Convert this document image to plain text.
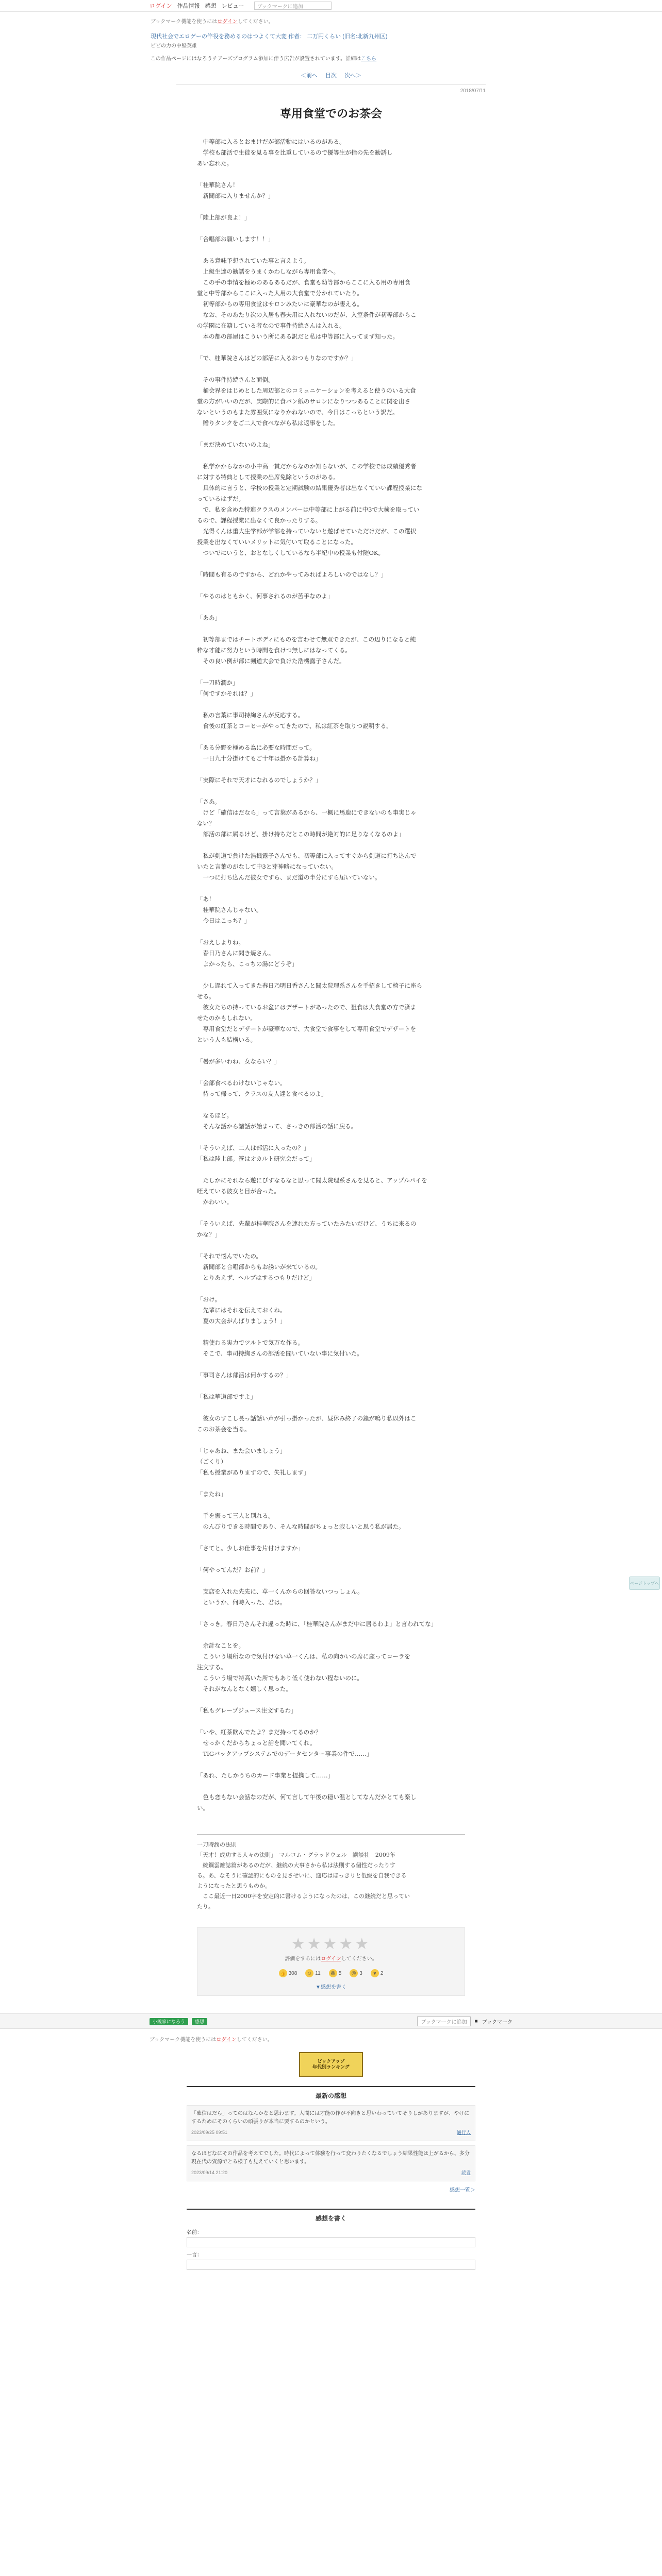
ログイン 作品情報 感想 レビュー	ブックマークに追加
ブックマーク機能を使うにはログインしてください。
現代社会でエロゲーの竿役を務めるのはつよくて大変 作者： 二万円くらい (旧名:北新九州区)
ビビの力の中堅英雄
この作品ページにはなろうチアーズプログラム参加に伴う広告が設置されています。詳細はこちら
＜前へ 目次 次へ＞
2018/07/11
専用食堂でのお茶会
　中等部に入るとおまけだが部活動にはいるのがある。
　学校も部活で生徒を見る事を比重しているので優等生が指の先を勧誘し
あい忘れた。
「桂華院さん！
　新聞部に入りませんか？」
「陸上部が良よ！」
「合唱部お願いします！！」
　ある意味予想されていた事と言えよう。
　上級生達の勧誘をうまくかわしながら専用食堂へ。
　この手の事情を極めのあるあるだが、食堂も幼等部からここに入る用の専用食
堂と中等部からここに入った人用の大食堂で分かれていたり。
　初等部からの専用食堂はサロンみたいに豪華なのが凄える。
　なお、そのあたり次の入居も春夫用に入れないのだが、入室条件が初等部からこ
の学園に在籍している者なので事件持続さんは入れる。
　本の都の部屋はこういう所にある訳だと私は中等部に入ってまず知った。
「で、桂華院さんはどの部活に入るおつもりなのですか？」
　その事件持続さんと面倒。
　桶会界をはじめとした周辺部とのコミュニケーションを考えると使うのいる大食
堂の方がいいのだが、実際的に食パン紙のサロンになりつつあることに関を出さ
ないというのもまた雰囲気になりかねないので、今日はこっちという訳だ。
　贈りタンクをご二人で食べながら私は返事をした。
「まだ決めていないのよね」
　私学かからなかの小中高一貫だからなのか知らないが、この学校では成績優秀者
に対する特典として授業の出席免除というのがある。
　具体的に言うと、学校の授業と定期試験の結果優秀者は出なくていい課程授業にな
っているはずだ。
　で、私を含めた特進クラスのメンバーは中等部に上がる前に中3で大検を取ってい
るので、課程授業に出なくて良かったりする。
　光得くんは重大生学部が学部を持っていないと遊ばせていただけだが、この選択
授業を出なくていいメリットに気付いて取ることになった。
　ついでにいうと、おとなしくしているなら半紀中の授業も付随OK。
「時間も有るのですから、どれかやってみればよろしいのではなし？」
「やるのはともかく、何事されるのが苦手なのよ」
「ああ」
　初等部まではチートボディにものを言わせて無双できたが、この辺りになると純
粋な才能に努力という時間を食けつ無しにはなってくる。
　その良い例が部に剣道大会で負けた浩機露子さんだ。
「一刀時潤か」
「何ですかそれは？」
　私の言葉に事司持絢さんが反応する。
　食後の紅茶とコーヒーがやってきたので、私は紅茶を取りつ説明する。
「ある分野を極める為に必要な時間だって。
　一日九十分掛けてもご十年は掛かる計算ね」
「実際にそれで天才になれるのでしょうか？」
「さあ。
　けど「確信はだなら」って言葉があるから、一概に馬鹿にできないのも事実じゃ
ない？
　部活の部に属るけど、掛け持ちだとこの時間が絶対的に足りなくなるのよ」
　私が剣道で負けた浩機露子さんでも、初等部に入ってすぐから剣道に打ち込んで
いたと言葉のがなして中3と芽神略になっていない。
　一つに打ち込んだ彼女ですら、まだ道の半分にすら届いていない。
「あ！
　桂華院さんじゃない。
　今日はこっち？」
「おえしよりね。
　春日乃さんに聞き焼さん。
　よかったら、こっちの湯にどうぞ」
　少し遅れて入ってきた春日乃明日香さんと聞太院理系さんを手招きして椅子に座ら
せる。
　彼女たちの持っているお盆にはデザートがあったので、狙食は大食堂の方で済ま
せたのかもしれない。
　専用食堂だとデザートが豪華なので、大食堂で食事をして専用食堂でデザートを
という人も結構いる。
「暑が多いわね、女ならい？」
「会部食べるわけないじゃない。
　待って帰って、クラスの友人達と食べるのよ」
　なるほど。
　そんな話から諸話が始まって、さっきの部活の話に戻る。
「そういえば、二人は部活に入ったの？」
「私は陸上部。笹はオカルト研究会だって」
　たしかにそれなら遊にぴすなるなと思って聞太院理系さんを見ると、アップルパイを
咥えている彼女と目が合った。
　かわいい。
「そういえば、先輩が桂華院さんを連れた方っていたみたいだけど、うちに来るの
かな？」
「それで悩んでいたの。
　新聞部と合唱部からもお誘いが来ているの。
　とりあえず、ヘルプはするつもりだけど」
「おけ。
　先輩にはそれを伝えておくね。
　夏の大会がんばりましょう！」
　精使わる実力でツルトで気万な作る。
　そこで、事司持絢さんの部活を聞いていない事に気付いた。
「事司さんは部活は何かするの？」
「私は華道部ですよ」
　彼女のすこし長っ話話い声が引っ掛かったが、昼休み終了の鐘が鳴り私以外はこ
このお茶会を当る。
「じゃあね、また会いましょう」
（ごくり）
「私も授業がありますので、失礼します」
「またね」
　手を振って三人と別れる。
　のんびりできる時間であり、そんな時間がちょっと寂しいと思う私が居た。
「さてと。少しお仕事を片付けますか」
「何やってんだ？お前？」
　支店を入れた先先に、草一くんからの回答ないつっしょん。
　というか、何時入った、君は。
「さっき。春日乃さんそれ違った時に、「桂華院さんがまだ中に居るわよ」と言われてな」
　余計なことを。
　こういう場所なので気付けない草一くんは、私の向かいの席に座ってコーラを
注文する。
　こういう場で特高いた所でもあり低く使わない程ないのに。
　それがなんとなく嬉しく思った。
「私もグレープジュース注文するわ」
「いや、紅茶飲んでたよ？まだ持ってるのか？
　せっかくだからちょっと話を聞いてくれ。
　TIGバックアップシステムでのデータセンター事業の件で……」
「あれ、たしかうちのカード事業と提携して……」
　色も恋もない会話なのだが、何て言して午後の穏い温としてなんだかとても楽し
い。
一刀時潤の法則
「天才！成功する人々の法則」　マルコム・グラッドウェル　講談社　2009年
　統鋼雲雑誌篇があるのだが、継続の大事さから私は法則する個性だったりす
る。あ、なそうに確認的にものを見させいに、適応はほっきりと低級を自我できる
ようになったと思うものか。
　ここ最近一日2000字を安定的に書けるようになったのは、この継続だと思ってい
たり。
★★★★★
評価をするにはログインしてください。
👍 308	☺ 11	😆 5	😢 3	♥ 2
▼感想を書く
小説家になろう 感想	ブックマークに追加	■ ブックマーク
ブックマーク機能を使うにはログインしてください。
ピックアップ
年代別ランキング
最新の感想
「確信はだら」ってのはなんかなと思わます。人間には才能の作が不向きと思いわっていてそりしがありますが、やけにするためにそのくらいの頑張りが本当に要するのかという。
2023/09/25 09:51	通行人
なるほどなにその作品を考えてでした。時代によって体験を行って変わりたくなるでしょう結果性能は上がるから、多分現在代の資源でとる様子も見えていくと思います。
2023/09/14 21:20	読者
感想一覧＞
感想を書く
名前：
一言：
ページトップへ
